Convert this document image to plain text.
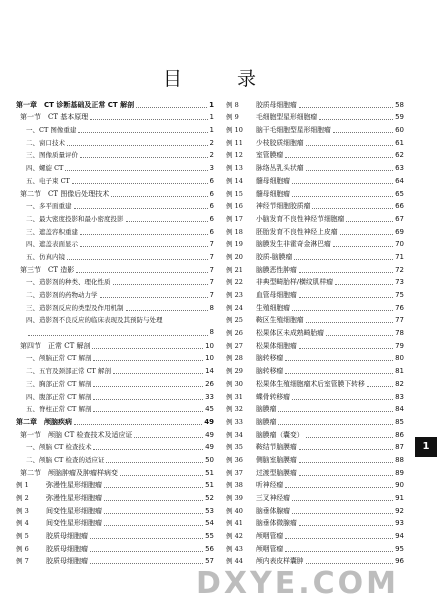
目　录
第一章　CT 诊断基础及正常 CT 解剖	1
第一节　CT 基本原理	1
一、CT 图像重建	1
二、窗口技术	2
三、图像质量评价	2
四、螺旋 CT	3
五、电子束 CT	6
第二节　CT 图像后处理技术	6
一、多平面重建	6
二、最大密度投影和最小密度投影	6
三、遮盖容积重建	6
四、遮盖表面显示	7
五、仿真内镜	7
第三节　CT 造影	7
一、造影剂的种类、理化性质	7
二、造影剂的药物动力学	7
三、造影剂反应的类型及作用机制	8
四、造影剂不良反应的临床表现及其预防与处理
8
第四节　正常 CT 解剖	10
一、颅脑正常 CT 解剖	10
二、五官及颈部正常 CT 解剖	14
三、胸部正常 CT 解剖	26
四、腹部正常 CT 解剖	33
五、脊柱正常 CT 解剖	45
第二章　颅脑疾病	49
第一节　颅脑 CT 检查技术及适应证	49
一、颅脑 CT 检查技术	49
二、颅脑 CT 检查的适应证	50
第二节　颅脑肿瘤及肿瘤样病变	51
例 1 弥漫性星形细胞瘤	51
例 2 弥漫性星形细胞瘤	52
例 3 间变性星形细胞瘤	53
例 4 间变性星形细胞瘤	54
例 5 胶质母细胞瘤	55
例 6 胶质母细胞瘤	56
例 7 胶质母细胞瘤	57
例 8	胶质母细胞瘤	58
例 9	毛细胞型星形细胞瘤	59
例 10 脑干毛细胞型星形细胞瘤	60
例 11 少枝胶质细胞瘤	61
例 12 室管膜瘤	62
例 13 脉络丛乳头状瘤	63
例 14 髓母细胞瘤	64
例 15 髓母细胞瘤	65
例 16 神经节细胞胶质瘤	66
例 17 小脑发育不良性神经节细胞瘤	67
例 18 胚胎发育不良性神经上皮瘤	69
例 19 脑膜发生非霍奇金淋巴瘤	70
例 20 胶质-脑膜瘤	71
例 21 脑膜恶性肿瘤	72
例 22 非典型畸胎样/横纹肌样瘤	73
例 23 血管母细胞瘤	75
例 24 生殖细胞瘤	76
例 25 鞍区生殖细胞瘤	77
例 26 松果体区未成熟畸胎瘤	78
例 27 松果体细胞瘤	79
例 28 脑转移瘤	80
例 29 脑转移瘤	81
例 30 松果体生殖细胞瘤术后室管膜下转移	82
例 31 蝶骨转移瘤	83
例 32 脑膜瘤	84
例 33 脑膜瘤	85
例 34 脑膜瘤（囊变）	86
例 35 鞍结节脑膜瘤	87
例 36 侧脑室脑膜瘤	88
例 37 过渡型脑膜瘤	89
例 38 听神经瘤	90
例 39 三叉神经瘤	91
例 40 脑垂体腺瘤	92
例 41 脑垂体微腺瘤	93
例 42 颅咽管瘤	94
例 43 颅咽管瘤	95
例 44 颅内表皮样囊肿	96
1
DXYE.COM
